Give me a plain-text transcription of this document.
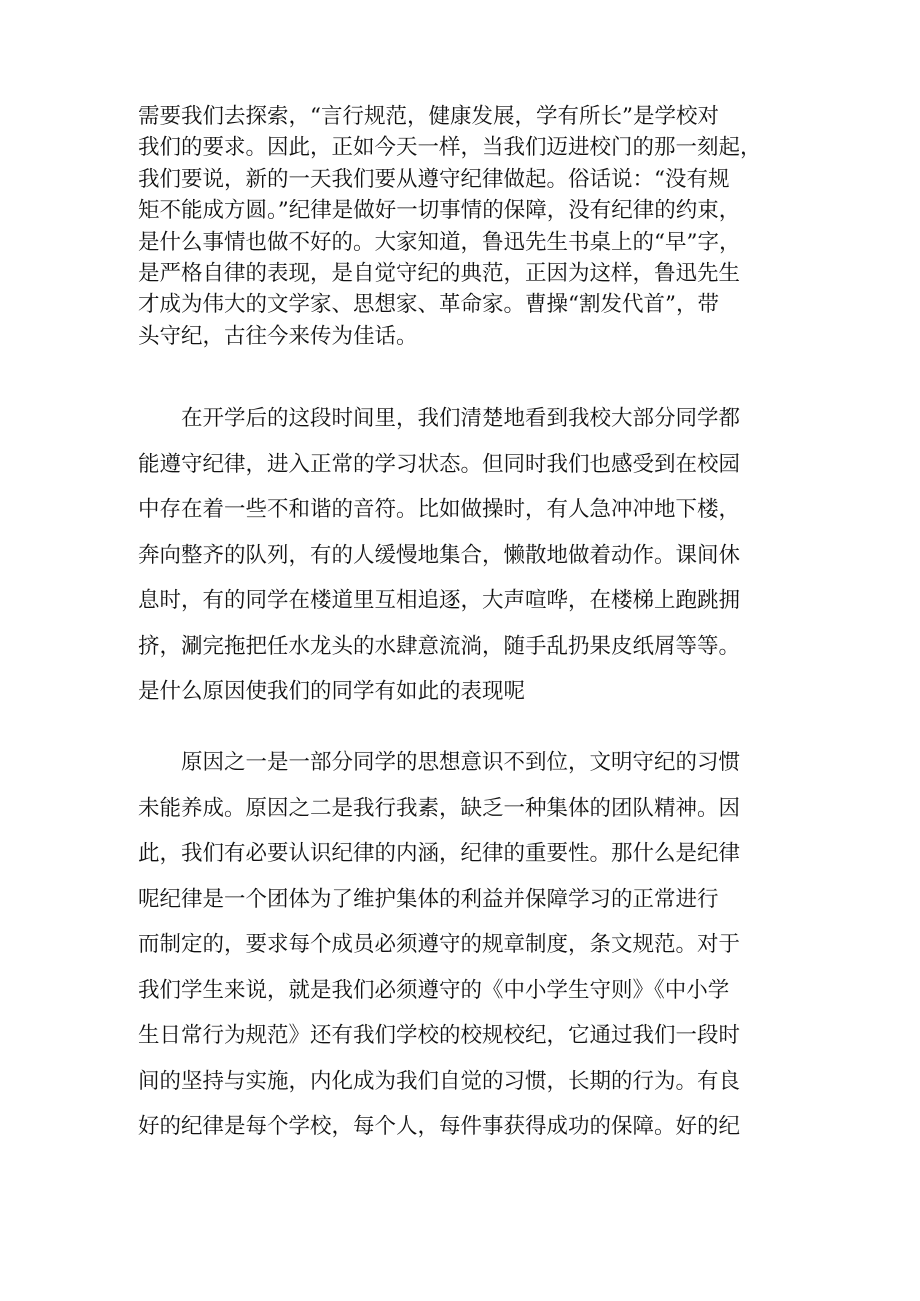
需要我们去探索，“言行规范，健康发展，学有所长”是学校对
我们的要求。因此，正如今天一样，当我们迈进校门的那一刻起，
我们要说，新的一天我们要从遵守纪律做起。俗话说：“没有规
矩不能成方圆。”纪律是做好一切事情的保障，没有纪律的约束，
是什么事情也做不好的。大家知道，鲁迅先生书桌上的“早”字，
是严格自律的表现，是自觉守纪的典范，正因为这样，鲁迅先生
才成为伟大的文学家、思想家、革命家。曹操“割发代首”，带
头守纪，古往今来传为佳话。
在开学后的这段时间里，我们清楚地看到我校大部分同学都
能遵守纪律，进入正常的学习状态。但同时我们也感受到在校园
中存在着一些不和谐的音符。比如做操时，有人急冲冲地下楼，
奔向整齐的队列，有的人缓慢地集合，懒散地做着动作。课间休
息时，有的同学在楼道里互相追逐，大声喧哗，在楼梯上跑跳拥
挤，涮完拖把任水龙头的水肆意流淌，随手乱扔果皮纸屑等等。
是什么原因使我们的同学有如此的表现呢
原因之一是一部分同学的思想意识不到位，文明守纪的习惯
未能养成。原因之二是我行我素，缺乏一种集体的团队精神。因
此，我们有必要认识纪律的内涵，纪律的重要性。那什么是纪律
呢纪律是一个团体为了维护集体的利益并保障学习的正常进行
而制定的，要求每个成员必须遵守的规章制度，条文规范。对于
我们学生来说，就是我们必须遵守的《中小学生守则》《中小学
生日常行为规范》还有我们学校的校规校纪，它通过我们一段时
间的坚持与实施，内化成为我们自觉的习惯，长期的行为。有良
好的纪律是每个学校，每个人，每件事获得成功的保障。好的纪
